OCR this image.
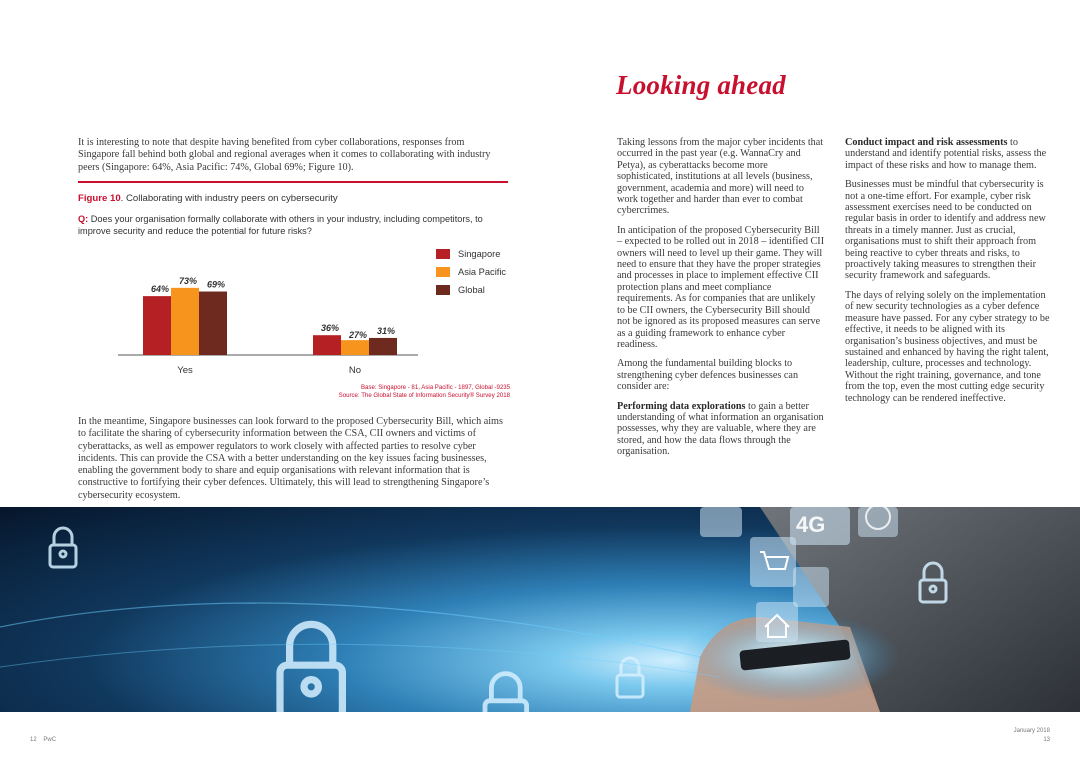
It is interesting to note that despite having benefited from cyber collaborations, responses from Singapore fall behind both global and regional averages when it comes to collaborating with industry peers (Singapore: 64%, Asia Pacific: 74%, Global 69%; Figure 10).
Figure 10. Collaborating with industry peers on cybersecurity
Q: Does your organisation formally collaborate with others in your industry, including competitors, to improve security and reduce the potential for future risks?
Singapore
Asia Pacific
Global
64%
73% 69%
Yes
36%
27% 31%
No
Base: Singapore - 81, Asia Pacific - 1897, Global -9235
Source: The Global State of Information Security® Survey 2018
In the meantime, Singapore businesses can look forward to the proposed Cybersecurity Bill, which aims to facilitate the sharing of cybersecurity information between the CSA, CII owners and victims of cyberattacks, as well as empower regulators to work closely with affected parties to resolve cyber incidents. This can provide the CSA with a better understanding on the key issues facing businesses, enabling the government body to share and equip organisations with relevant information that is constructive to fortifying their cyber defences. Ultimately, this will lead to strengthening Singapore’s cybersecurity ecosystem.
Looking ahead

Taking lessons from the major cyber incidents that occurred in the past year (e.g. WannaCry and Petya), as cyberattacks become more sophisticated, institutions at all levels (business, government, academia and more) will need to work together and harder than ever to combat cybercrimes.

In anticipation of the proposed Cybersecurity Bill – expected to be rolled out in 2018 – identified CII owners will need to level up their game. They will need to ensure that they have the proper strategies and processes in place to implement effective CII protection plans and meet compliance requirements. As for companies that are unlikely to be CII owners, the Cybersecurity Bill should not be ignored as its proposed measures can serve as a guiding framework to enhance cyber readiness.

Among the fundamental building blocks to strengthening cyber defences businesses can consider are:

Performing data explorations to gain a better understanding of what information an organisation possesses, why they are valuable, where they are stored, and how the data flows through the organisation.

Conduct impact and risk assessments to understand and identify potential risks, assess the impact of these risks and how to manage them.

Businesses must be mindful that cybersecurity is not a one-time effort. For example, cyber risk assessment exercises need to be conducted on regular basis in order to identify and address new threats in a timely manner. Just as crucial, organisations must to shift their approach from being reactive to cyber threats and risks, to proactively taking measures to strengthen their security framework and safeguards.

The days of relying solely on the implementation of new security technologies as a cyber defence measure have passed. For any cyber strategy to be effective, it needs to be aligned with its organisation’s business objectives, and must be sustained and enhanced by having the right talent, leadership, culture, processes and technology. Without the right training, governance, and tone from the top, even the most cutting edge security technology can be rendered ineffective.

4G
12 PwC
January 2018
13
